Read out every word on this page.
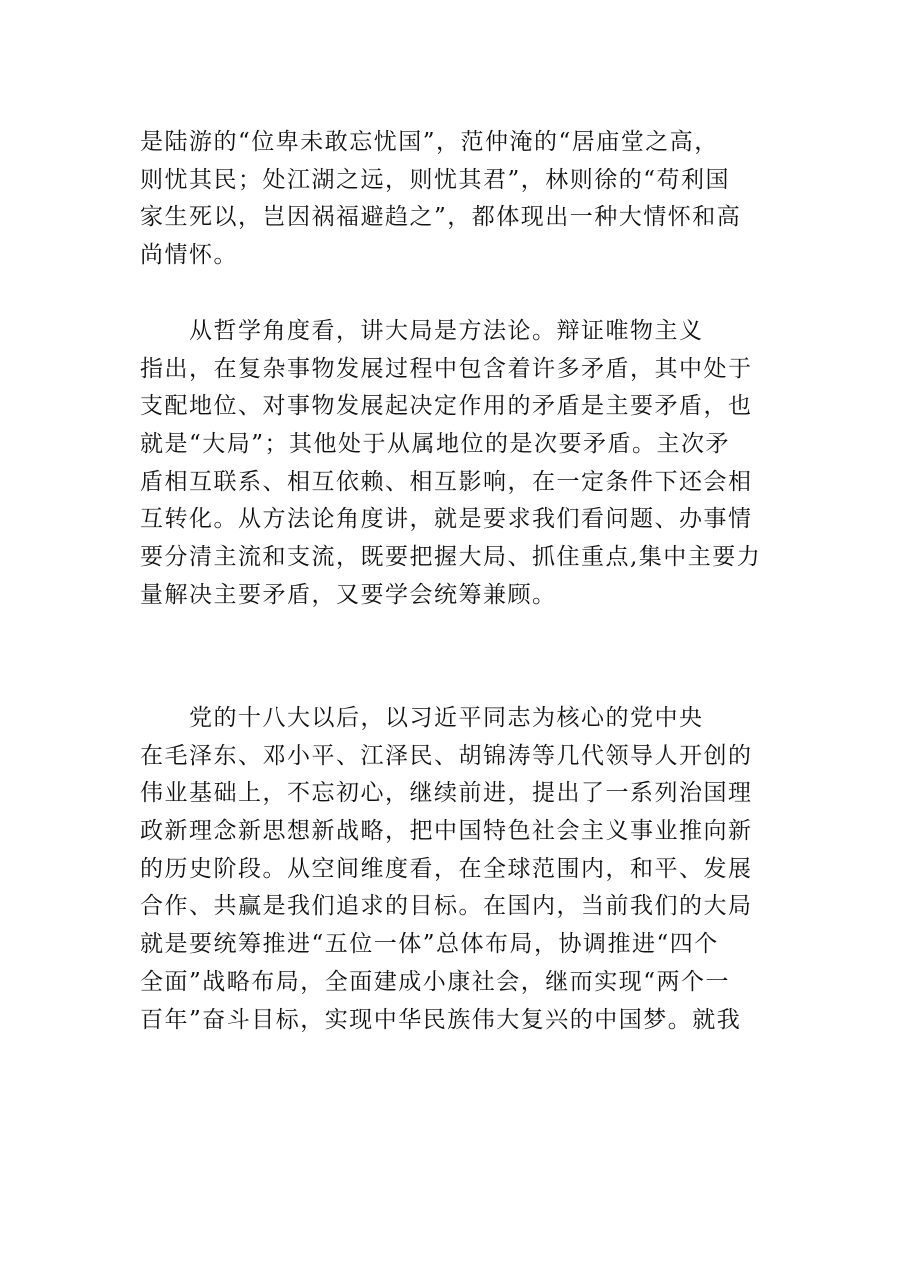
是陆游的“位卑未敢忘忧国”，范仲淹的“居庙堂之高，
则忧其民；处江湖之远，则忧其君”，林则徐的“苟利国
家生死以，岂因祸福避趋之”，都体现出一种大情怀和高
尚情怀。
　　从哲学角度看，讲大局是方法论。辩证唯物主义
指出，在复杂事物发展过程中包含着许多矛盾，其中处于
支配地位、对事物发展起决定作用的矛盾是主要矛盾，也
就是“大局”；其他处于从属地位的是次要矛盾。主次矛
盾相互联系、相互依赖、相互影响，在一定条件下还会相
互转化。从方法论角度讲，就是要求我们看问题、办事情
要分清主流和支流，既要把握大局、抓住重点,集中主要力
量解决主要矛盾，又要学会统筹兼顾。
　　党的十八大以后，以习近平同志为核心的党中央
在毛泽东、邓小平、江泽民、胡锦涛等几代领导人开创的
伟业基础上，不忘初心，继续前进，提出了一系列治国理
政新理念新思想新战略，把中国特色社会主义事业推向新
的历史阶段。从空间维度看，在全球范围内，和平、发展
合作、共赢是我们追求的目标。在国内，当前我们的大局
就是要统筹推进“五位一体”总体布局，协调推进“四个
全面”战略布局，全面建成小康社会，继而实现“两个一
百年”奋斗目标，实现中华民族伟大复兴的中国梦。就我
